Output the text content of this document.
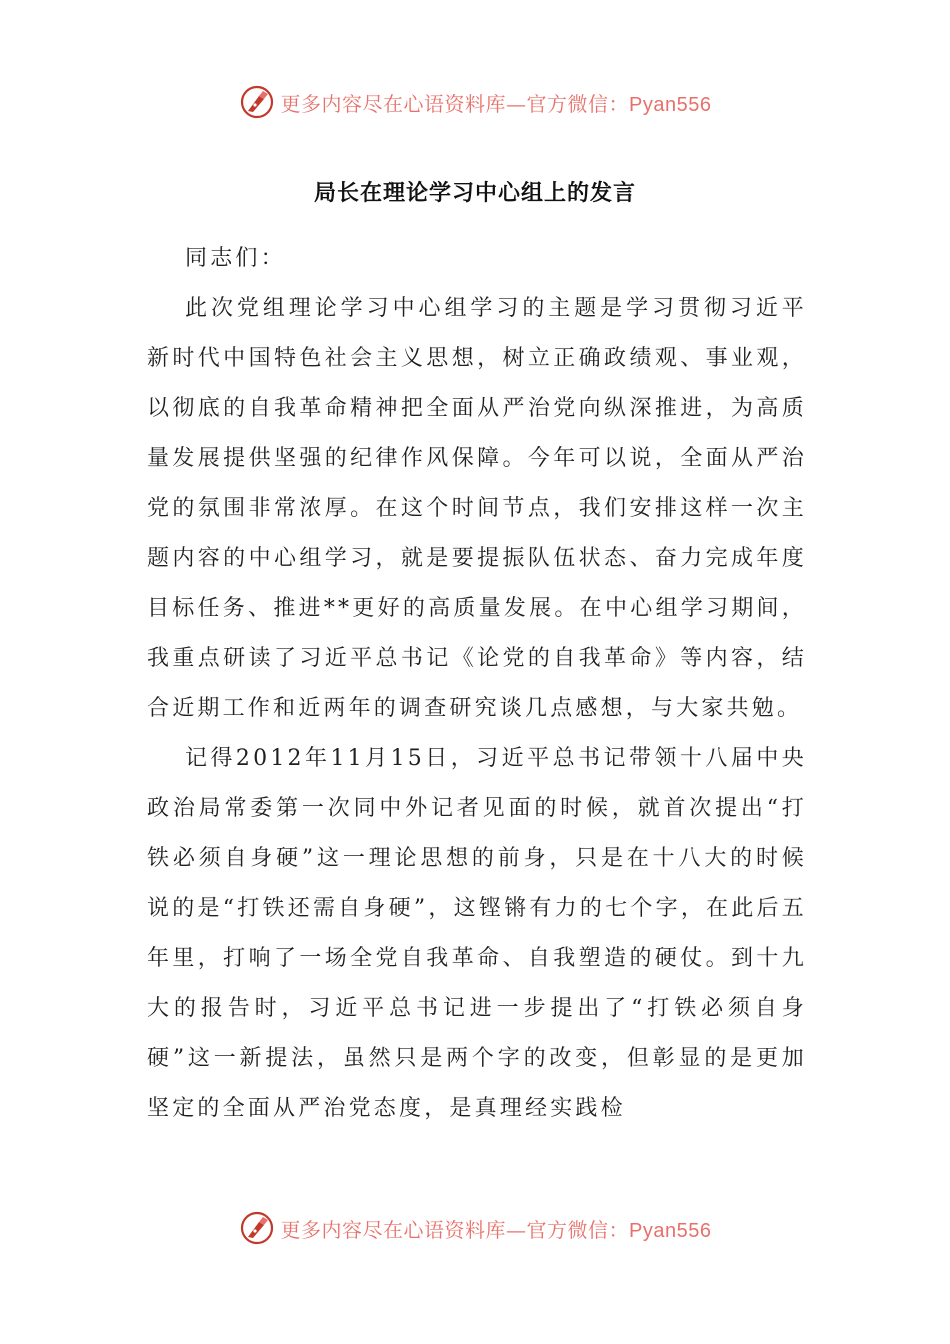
更多内容尽在心语资料库—官方微信：Pyan556
局长在理论学习中心组上的发言

同志们：

此次党组理论学习中心组学习的主题是学习贯彻习近平新时代中国特色社会主义思想，树立正确政绩观、事业观，以彻底的自我革命精神把全面从严治党向纵深推进，为高质量发展提供坚强的纪律作风保障。今年可以说，全面从严治党的氛围非常浓厚。在这个时间节点，我们安排这样一次主题内容的中心组学习，就是要提振队伍状态、奋力完成年度目标任务、推进**更好的高质量发展。在中心组学习期间，我重点研读了习近平总书记《论党的自我革命》等内容，结合近期工作和近两年的调查研究谈几点感想，与大家共勉。

记得2012年11月15日，习近平总书记带领十八届中央政治局常委第一次同中外记者见面的时候，就首次提出“打铁必须自身硬”这一理论思想的前身，只是在十八大的时候说的是“打铁还需自身硬”，这铿锵有力的七个字，在此后五年里，打响了一场全党自我革命、自我塑造的硬仗。到十九大的报告时，习近平总书记进一步提出了“打铁必须自身硬”这一新提法，虽然只是两个字的改变，但彰显的是更加坚定的全面从严治党态度，是真理经实践检

更多内容尽在心语资料库—官方微信：Pyan556
